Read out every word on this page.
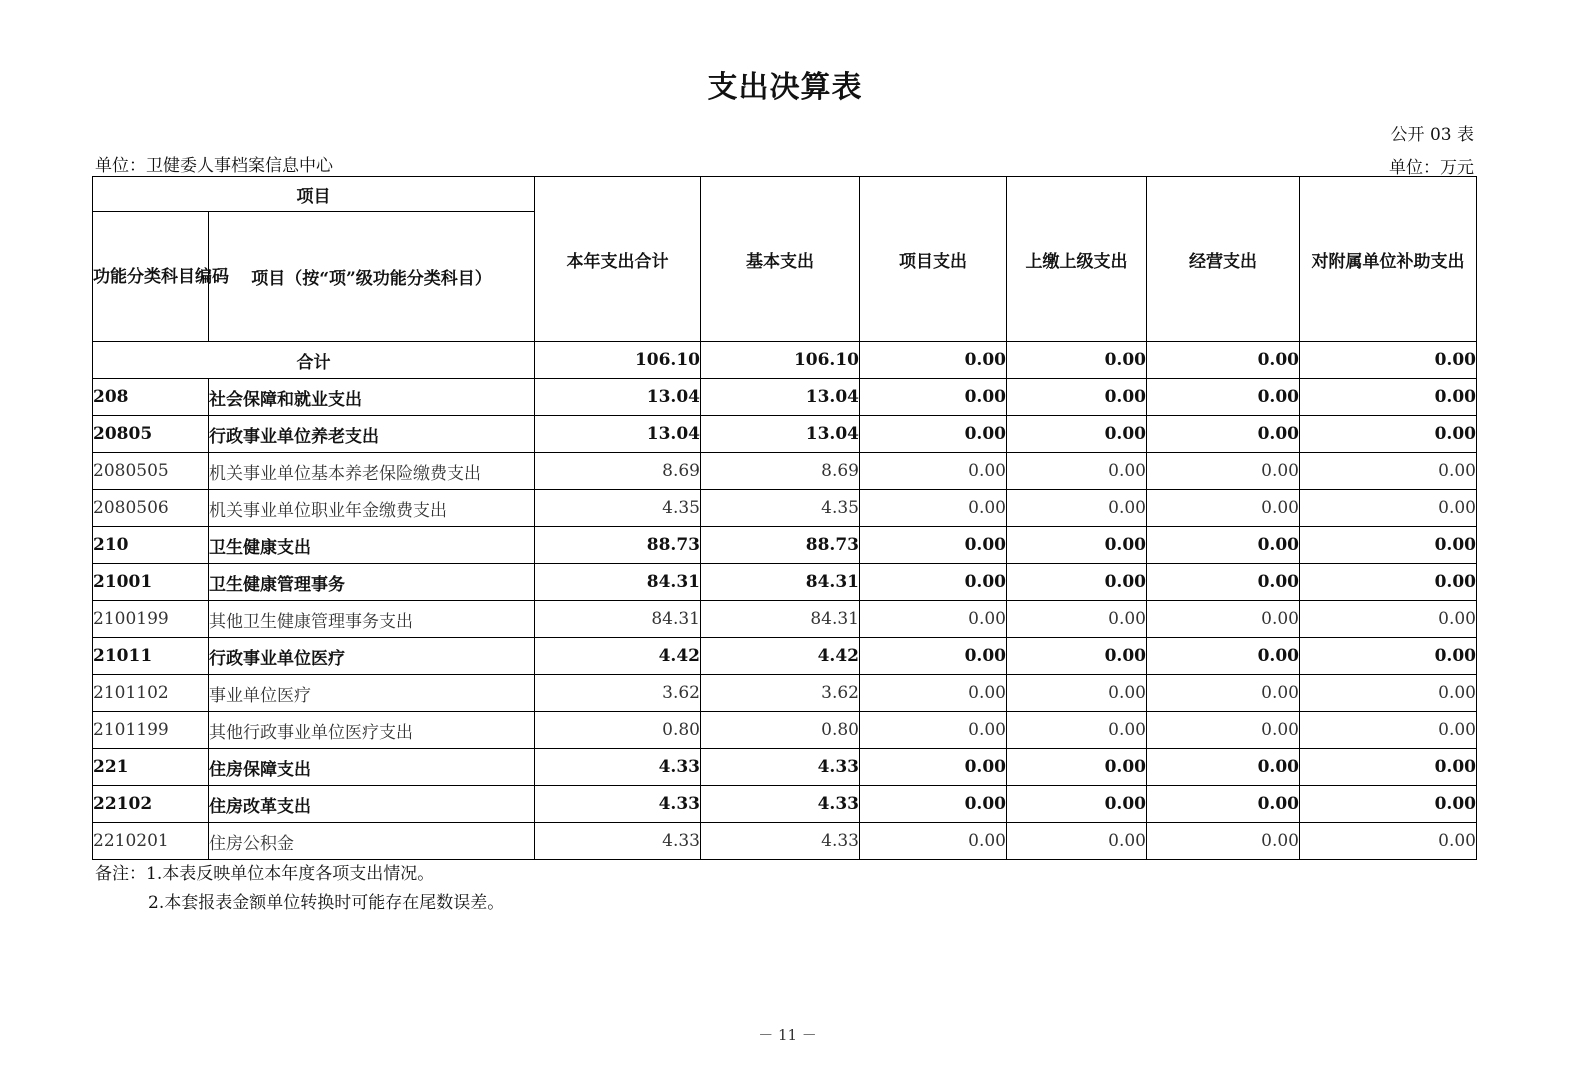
支出决算表
公开 03 表
单位：卫健委人事档案信息中心	单位：万元
项目		本年支出合计	基本支出	项目支出	上缴上级支出	经营支出	对附属单位补助支出
功能分类科目编码	项目（按“项”级功能分类科目）						
合计		106.10	106.10	0.00	0.00	0.00	0.00
208	社会保障和就业支出	13.04	13.04	0.00	0.00	0.00	0.00
20805	行政事业单位养老支出	13.04	13.04	0.00	0.00	0.00	0.00
2080505	机关事业单位基本养老保险缴费支出	8.69	8.69	0.00	0.00	0.00	0.00
2080506	机关事业单位职业年金缴费支出	4.35	4.35	0.00	0.00	0.00	0.00
210	卫生健康支出	88.73	88.73	0.00	0.00	0.00	0.00
21001	卫生健康管理事务	84.31	84.31	0.00	0.00	0.00	0.00
2100199	其他卫生健康管理事务支出	84.31	84.31	0.00	0.00	0.00	0.00
21011	行政事业单位医疗	4.42	4.42	0.00	0.00	0.00	0.00
2101102	事业单位医疗	3.62	3.62	0.00	0.00	0.00	0.00
2101199	其他行政事业单位医疗支出	0.80	0.80	0.00	0.00	0.00	0.00
221	住房保障支出	4.33	4.33	0.00	0.00	0.00	0.00
22102	住房改革支出	4.33	4.33	0.00	0.00	0.00	0.00
2210201	住房公积金	4.33	4.33	0.00	0.00	0.00	0.00
备注：1.本表反映单位本年度各项支出情况。
2.本套报表金额单位转换时可能存在尾数误差。
－ 11 －
